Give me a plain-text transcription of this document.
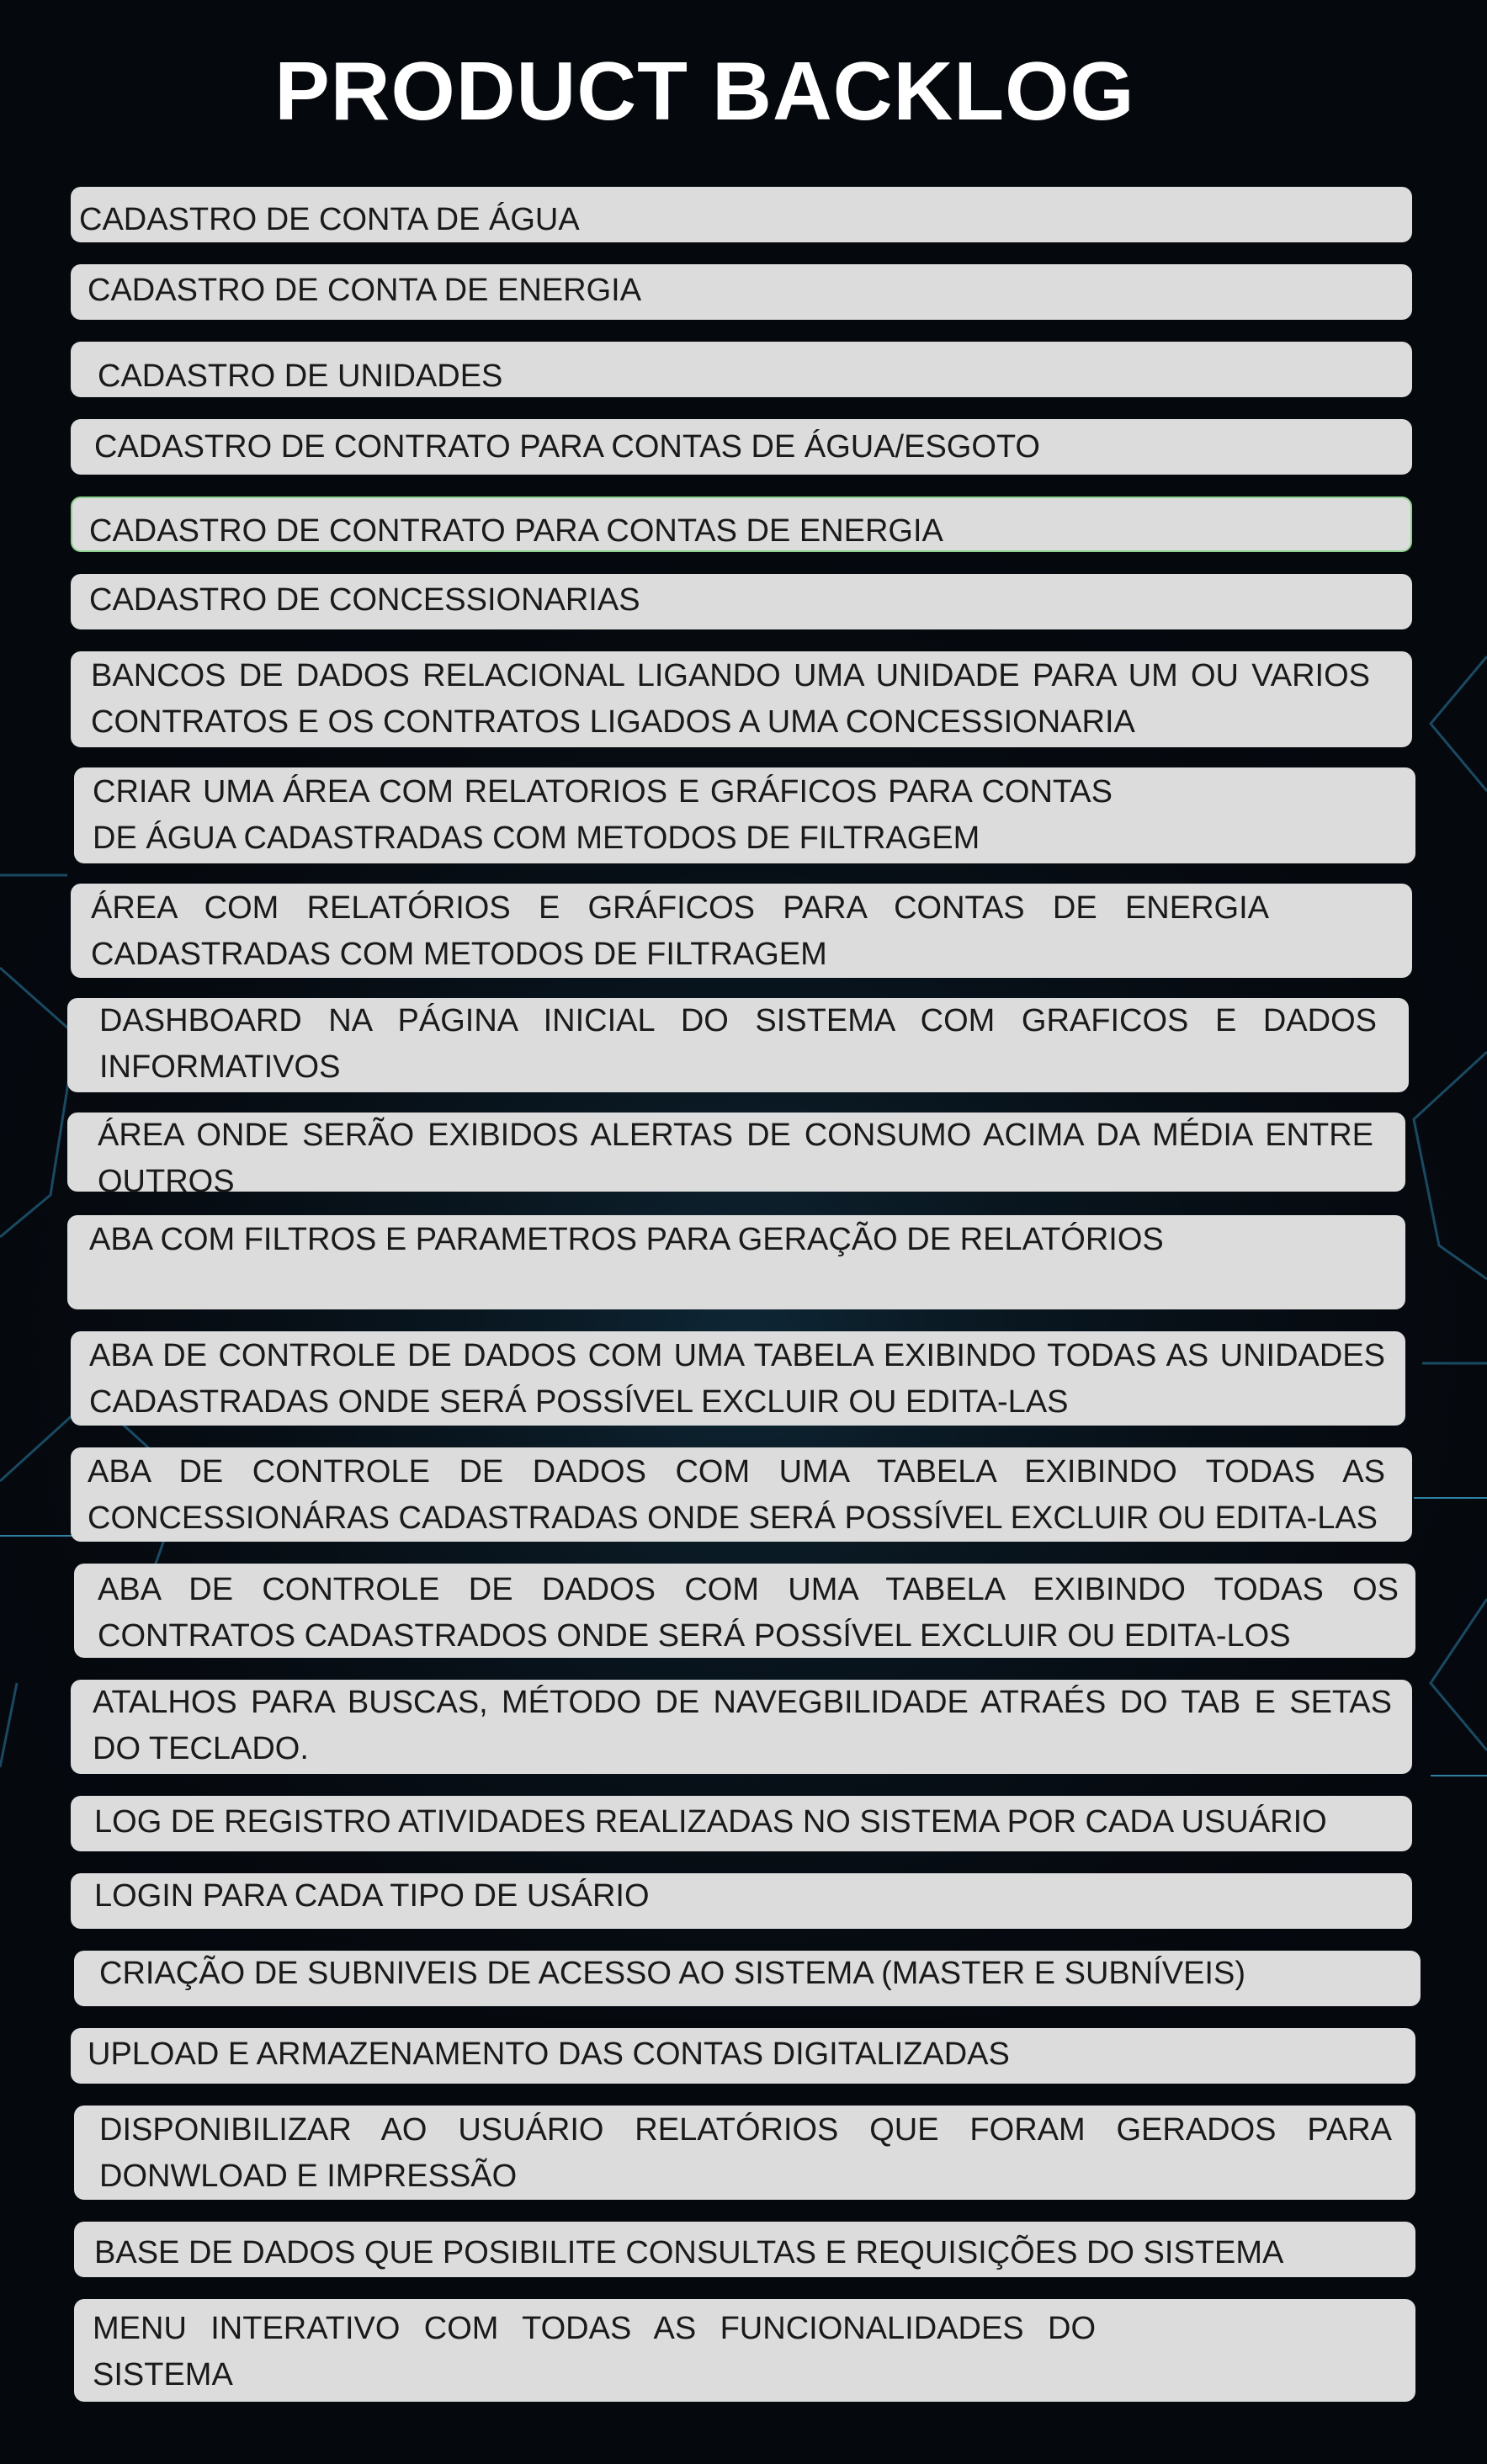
PRODUCT BACKLOG
CADASTRO DE CONTA DE ÁGUA
CADASTRO DE CONTA DE ENERGIA
CADASTRO DE UNIDADES
CADASTRO DE CONTRATO PARA CONTAS DE ÁGUA/ESGOTO
CADASTRO DE CONTRATO PARA CONTAS DE ENERGIA
CADASTRO DE CONCESSIONARIAS
BANCOS DE DADOS RELACIONAL LIGANDO UMA UNIDADE PARA UM OU VARIOS CONTRATOS E OS CONTRATOS LIGADOS A UMA CONCESSIONARIA
CRIAR UMA ÁREA COM RELATORIOS E GRÁFICOS PARA CONTAS DE ÁGUA CADASTRADAS COM METODOS DE FILTRAGEM
ÁREA COM RELATÓRIOS E GRÁFICOS PARA CONTAS DE ENERGIA CADASTRADAS COM METODOS DE FILTRAGEM
DASHBOARD NA PÁGINA INICIAL DO SISTEMA COM GRAFICOS E DADOS INFORMATIVOS
ÁREA ONDE SERÃO EXIBIDOS ALERTAS DE CONSUMO ACIMA DA MÉDIA ENTRE OUTROS
ABA COM FILTROS E PARAMETROS PARA GERAÇÃO DE RELATÓRIOS
ABA DE CONTROLE DE DADOS COM UMA TABELA EXIBINDO TODAS AS UNIDADES CADASTRADAS ONDE SERÁ POSSÍVEL EXCLUIR OU EDITA-LAS
ABA DE CONTROLE DE DADOS COM UMA TABELA EXIBINDO TODAS AS CONCESSIONÁRAS CADASTRADAS ONDE SERÁ POSSÍVEL EXCLUIR OU EDITA-LAS
ABA DE CONTROLE DE DADOS COM UMA TABELA EXIBINDO TODAS OS CONTRATOS CADASTRADOS ONDE SERÁ POSSÍVEL EXCLUIR OU EDITA-LOS
ATALHOS PARA BUSCAS, MÉTODO DE NAVEGBILIDADE ATRAÉS DO TAB E SETAS DO TECLADO.
LOG DE REGISTRO ATIVIDADES REALIZADAS NO SISTEMA POR CADA USUÁRIO
LOGIN PARA CADA TIPO DE USÁRIO
CRIAÇÃO DE SUBNIVEIS DE ACESSO AO SISTEMA (MASTER E SUBNÍVEIS)
UPLOAD E ARMAZENAMENTO DAS CONTAS DIGITALIZADAS
DISPONIBILIZAR AO USUÁRIO RELATÓRIOS QUE FORAM GERADOS PARA DONWLOAD E IMPRESSÃO
BASE DE DADOS QUE POSIBILITE CONSULTAS E REQUISIÇÕES DO SISTEMA
MENU INTERATIVO COM TODAS AS FUNCIONALIDADES DO SISTEMA
